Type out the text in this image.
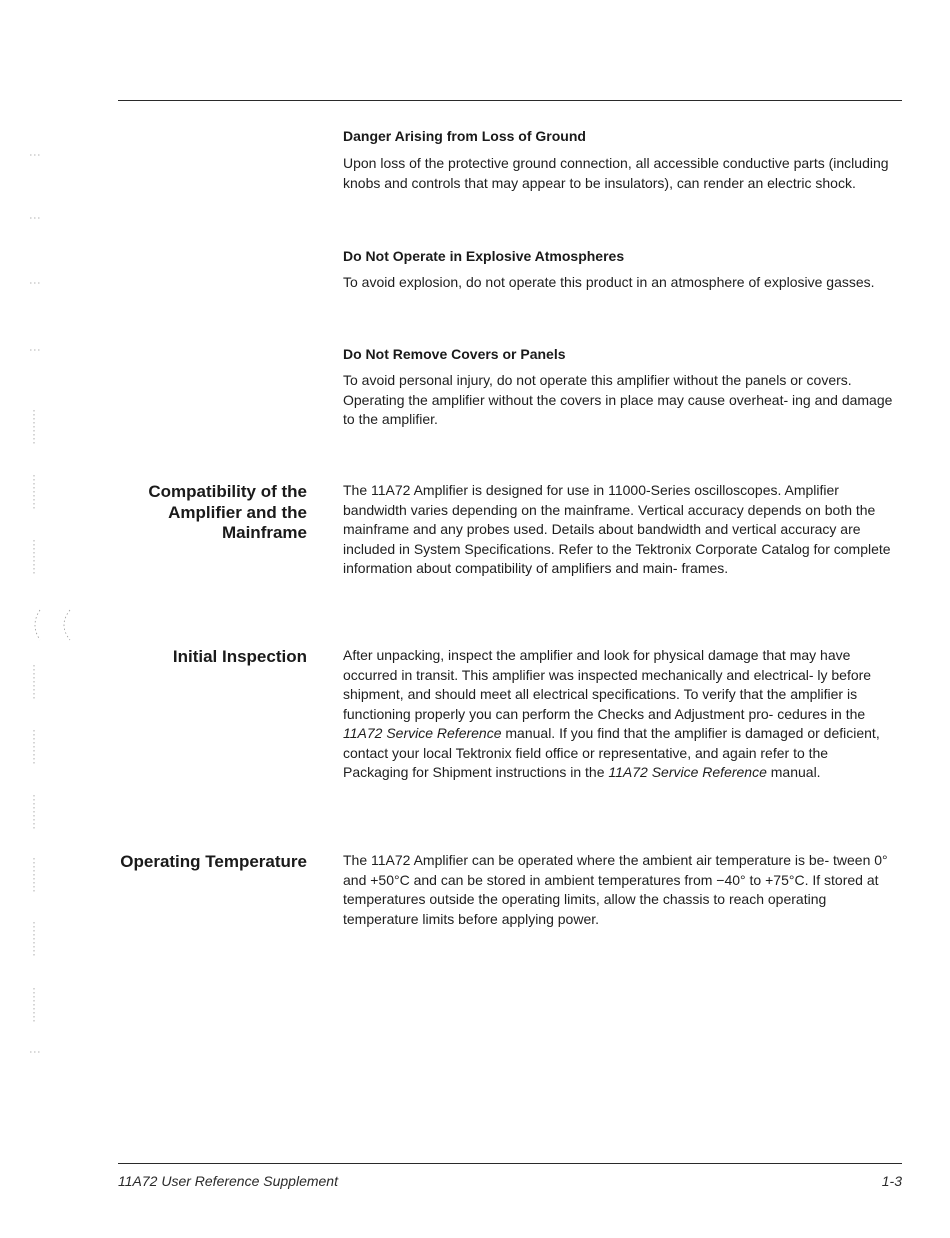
Danger Arising from Loss of Ground

Upon loss of the protective ground connection, all accessible conductive parts (including knobs and controls that may appear to be insulators), can render an electric shock.

Do Not Operate in Explosive Atmospheres

To avoid explosion, do not operate this product in an atmosphere of explosive gasses.

Do Not Remove Covers or Panels

To avoid personal injury, do not operate this amplifier without the panels or covers. Operating the amplifier without the covers in place may cause overheat- ing and damage to the amplifier.

Compatibility of the Amplifier and the Mainframe

The 11A72 Amplifier is designed for use in 11000-Series oscilloscopes. Amplifier bandwidth varies depending on the mainframe. Vertical accuracy depends on both the mainframe and any probes used. Details about bandwidth and vertical accuracy are included in System Specifications. Refer to the Tektronix Corporate Catalog for complete information about compatibility of amplifiers and main- frames.

Initial Inspection	After unpacking, inspect the amplifier and look for physical damage that may have occurred in transit. This amplifier was inspected mechanically and electrical- ly before shipment, and should meet all electrical specifications. To verify that the amplifier is functioning properly you can perform the Checks and Adjustment pro- cedures in the 11A72 Service Reference manual. If you find that the amplifier is damaged or deficient, contact your local Tektronix field office or representative, and again refer to the Packaging for Shipment instructions in the 11A72 Service Reference manual.

Operating Temperature	The 11A72 Amplifier can be operated where the ambient air temperature is be- tween 0° and +50°C and can be stored in ambient temperatures from −40° to +75°C. If stored at temperatures outside the operating limits, allow the chassis to reach operating temperature limits before applying power.

11A72 User Reference Supplement	1-3
